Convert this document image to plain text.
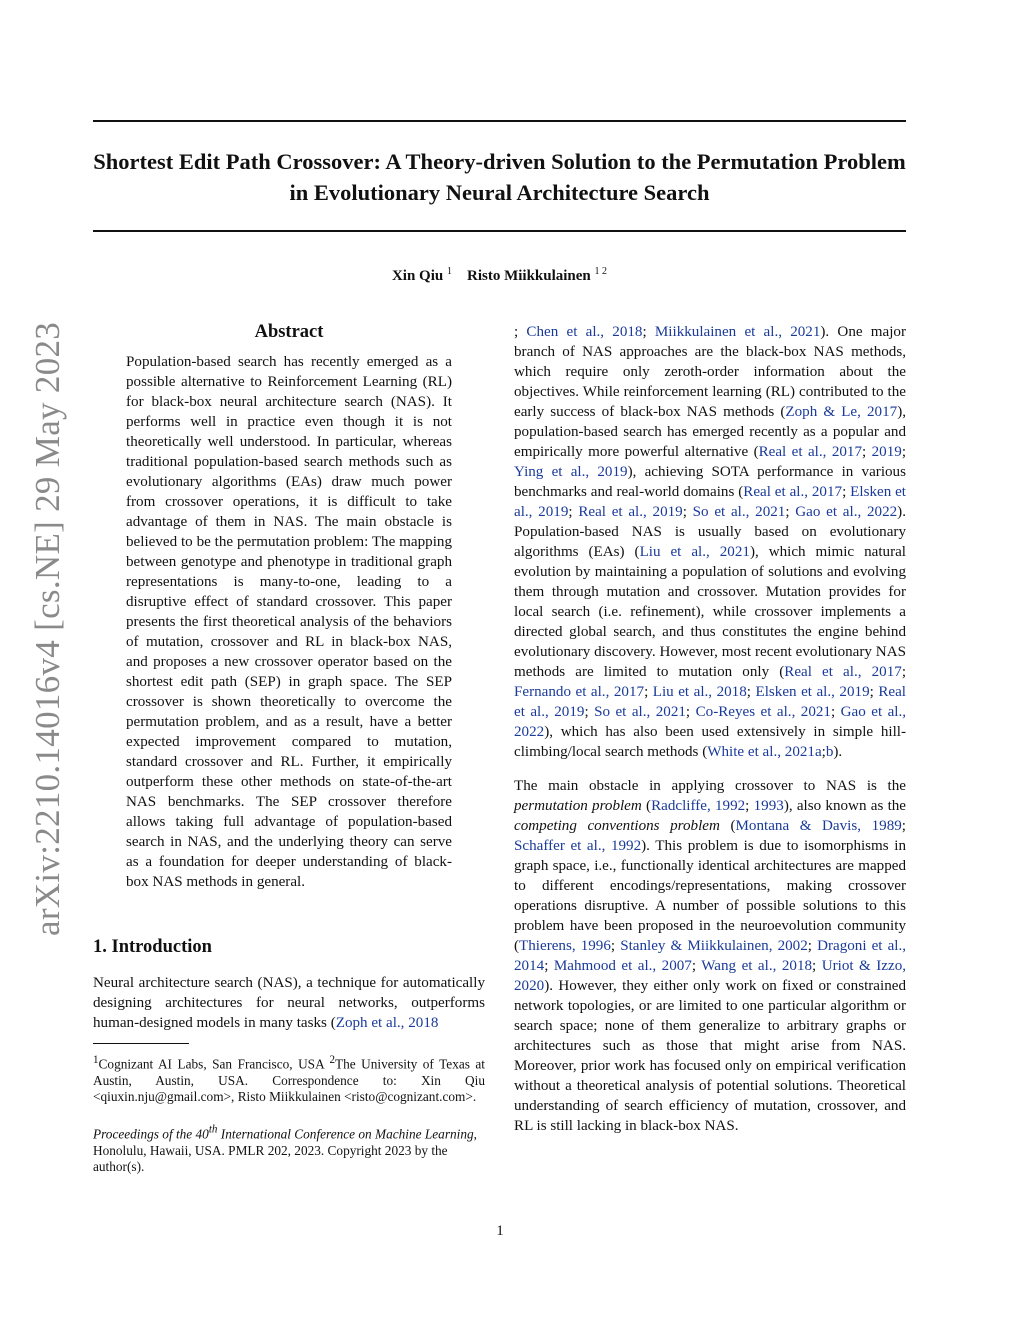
Shortest Edit Path Crossover: A Theory-driven Solution to the Permutation Problem in Evolutionary Neural Architecture Search
Xin Qiu $^1$ Risto Miikkulainen $^{1 2}$
arXiv:2210.14016v4 [cs.NE] 29 May 2023	Abstract

Population-based search has recently emerged as a possible alternative to Reinforcement Learning (RL) for black-box neural architecture search (NAS). It performs well in practice even though it is not theoretically well understood. In particular, whereas traditional population-based search methods such as evolutionary algorithms (EAs) draw much power from crossover operations, it is difficult to take advantage of them in NAS. The main obstacle is believed to be the permutation problem: The mapping between genotype and phenotype in traditional graph representations is many-to-one, leading to a disruptive effect of standard crossover. This paper presents the first theoretical analysis of the behaviors of mutation, crossover and RL in black-box NAS, and proposes a new crossover operator based on the shortest edit path (SEP) in graph space. The SEP crossover is shown theoretically to overcome the permutation problem, and as a result, have a better expected improvement compared to mutation, standard crossover and RL. Further, it empirically outperform these other methods on state-of-the-art NAS benchmarks. The SEP crossover therefore allows taking full advantage of population-based search in NAS, and the underlying theory can serve as a foundation for deeper understanding of black-box NAS methods in general.

1. Introduction

Neural architecture search (NAS), a technique for automatically designing architectures for neural networks, outperforms human-designed models in many tasks (Zoph et al., 2018

$^1$Cognizant AI Labs, San Francisco, USA $^2$The University of Texas at Austin, Austin, USA. Correspondence to: Xin Qiu <qiuxin.nju@gmail.com>, Risto Miikkulainen <risto@cognizant.com>.

Proceedings of the 40th International Conference on Machine Learning, Honolulu, Hawaii, USA. PMLR 202, 2023. Copyright 2023 by the author(s).

; Chen et al., 2018; Miikkulainen et al., 2021). One major branch of NAS approaches are the black-box NAS methods, which require only zeroth-order information about the objectives. While reinforcement learning (RL) contributed to the early success of black-box NAS methods (Zoph & Le, 2017), population-based search has emerged recently as a popular and empirically more powerful alternative (Real et al., 2017; 2019; Ying et al., 2019), achieving SOTA performance in various benchmarks and real-world domains (Real et al., 2017; Elsken et al., 2019; Real et al., 2019; So et al., 2021; Gao et al., 2022). Population-based NAS is usually based on evolutionary algorithms (EAs) (Liu et al., 2021), which mimic natural evolution by maintaining a population of solutions and evolving them through mutation and crossover. Mutation provides for local search (i.e. refinement), while crossover implements a directed global search, and thus constitutes the engine behind evolutionary discovery. However, most recent evolutionary NAS methods are limited to mutation only (Real et al., 2017; Fernando et al., 2017; Liu et al., 2018; Elsken et al., 2019; Real et al., 2019; So et al., 2021; Co-Reyes et al., 2021; Gao et al., 2022), which has also been used extensively in simple hill-climbing/local search methods (White et al., 2021a;b).

The main obstacle in applying crossover to NAS is the permutation problem (Radcliffe, 1992; 1993), also known as the competing conventions problem (Montana & Davis, 1989; Schaffer et al., 1992). This problem is due to isomorphisms in graph space, i.e., functionally identical architectures are mapped to different encodings/representations, making crossover operations disruptive. A number of possible solutions to this problem have been proposed in the neuroevolution community (Thierens, 1996; Stanley & Miikkulainen, 2002; Dragoni et al., 2014; Mahmood et al., 2007; Wang et al., 2018; Uriot & Izzo, 2020). However, they either only work on fixed or constrained network topologies, or are limited to one particular algorithm or search space; none of them generalize to arbitrary graphs or architectures such as those that might arise from NAS. Moreover, prior work has focused only on empirical verification without a theoretical analysis of potential solutions. Theoretical understanding of search efficiency of mutation, crossover, and RL is still lacking in black-box NAS.

1
